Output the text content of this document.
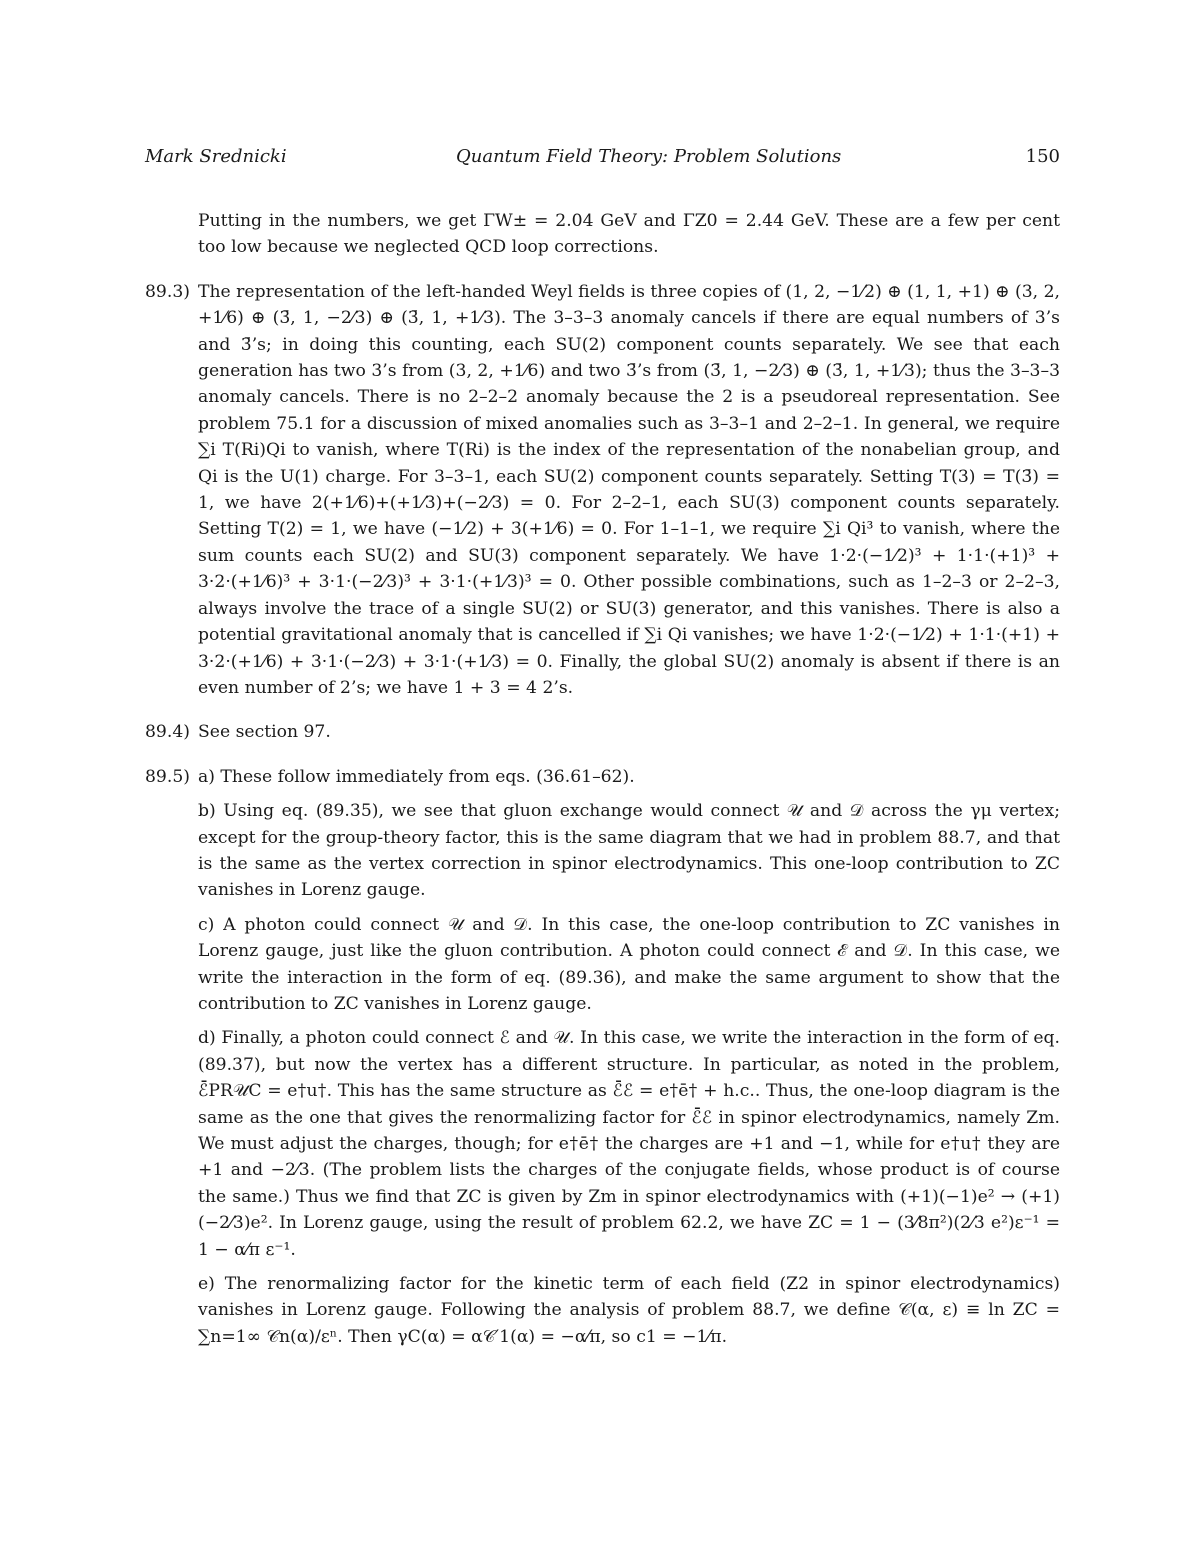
Mark Srednicki	Quantum Field Theory: Problem Solutions	150

Putting in the numbers, we get ΓW± = 2.04 GeV and ΓZ0 = 2.44 GeV. These are a few per cent too low because we neglected QCD loop corrections.

89.3) The representation of the left-handed Weyl fields is three copies of (1, 2, −1⁄2) ⊕ (1, 1, +1) ⊕ (3, 2, +1⁄6) ⊕ (3̄, 1, −2⁄3) ⊕ (3̄, 1, +1⁄3). The 3–3–3 anomaly cancels if there are equal numbers of 3’s and 3̄’s; in doing this counting, each SU(2) component counts separately. We see that each generation has two 3’s from (3, 2, +1⁄6) and two 3̄’s from (3̄, 1, −2⁄3) ⊕ (3̄, 1, +1⁄3); thus the 3–3–3 anomaly cancels. There is no 2–2–2 anomaly because the 2 is a pseudoreal representation. See problem 75.1 for a discussion of mixed anomalies such as 3–3–1 and 2–2–1. In general, we require ∑i T(Ri)Qi to vanish, where T(Ri) is the index of the representation of the nonabelian group, and Qi is the U(1) charge. For 3–3–1, each SU(2) component counts separately. Setting T(3) = T(3̄) = 1, we have 2(+1⁄6)+(+1⁄3)+(−2⁄3) = 0. For 2–2–1, each SU(3) component counts separately. Setting T(2) = 1, we have (−1⁄2) + 3(+1⁄6) = 0. For 1–1–1, we require ∑i Qi³ to vanish, where the sum counts each SU(2) and SU(3) component separately. We have 1·2·(−1⁄2)³ + 1·1·(+1)³ + 3·2·(+1⁄6)³ + 3·1·(−2⁄3)³ + 3·1·(+1⁄3)³ = 0. Other possible combinations, such as 1–2–3 or 2–2–3, always involve the trace of a single SU(2) or SU(3) generator, and this vanishes. There is also a potential gravitational anomaly that is cancelled if ∑i Qi vanishes; we have 1·2·(−1⁄2) + 1·1·(+1) + 3·2·(+1⁄6) + 3·1·(−2⁄3) + 3·1·(+1⁄3) = 0. Finally, the global SU(2) anomaly is absent if there is an even number of 2’s; we have 1 + 3 = 4 2’s.
89.4) See section 97.
89.5) a) These follow immediately from eqs. (36.61–62).

b) Using eq. (89.35), we see that gluon exchange would connect 𝒰 and 𝒟 across the γμ vertex; except for the group-theory factor, this is the same diagram that we had in problem 88.7, and that is the same as the vertex correction in spinor electrodynamics. This one-loop contribution to ZC vanishes in Lorenz gauge.

c) A photon could connect 𝒰 and 𝒟. In this case, the one-loop contribution to ZC vanishes in Lorenz gauge, just like the gluon contribution. A photon could connect ℰ and 𝒟. In this case, we write the interaction in the form of eq. (89.36), and make the same argument to show that the contribution to ZC vanishes in Lorenz gauge.

d) Finally, a photon could connect ℰ and 𝒰. In this case, we write the interaction in the form of eq. (89.37), but now the vertex has a different structure. In particular, as noted in the problem, ℰ̄PR𝒰C = e†u†. This has the same structure as ℰ̄ℰ = e†ē† + h.c.. Thus, the one-loop diagram is the same as the one that gives the renormalizing factor for ℰ̄ℰ in spinor electrodynamics, namely Zm. We must adjust the charges, though; for e†ē† the charges are +1 and −1, while for e†u† they are +1 and −2⁄3. (The problem lists the charges of the conjugate fields, whose product is of course the same.) Thus we find that ZC is given by Zm in spinor electrodynamics with (+1)(−1)e² → (+1)(−2⁄3)e². In Lorenz gauge, using the result of problem 62.2, we have ZC = 1 − (3⁄8π²)(2⁄3 e²)ε⁻¹ = 1 − α⁄π ε⁻¹.

e) The renormalizing factor for the kinetic term of each field (Z2 in spinor electrodynamics) vanishes in Lorenz gauge. Following the analysis of problem 88.7, we define 𝒞(α, ε) ≡ ln ZC = ∑n=1∞ 𝒞n(α)/εⁿ. Then γC(α) = α𝒞′1(α) = −α⁄π, so c1 = −1⁄π.
